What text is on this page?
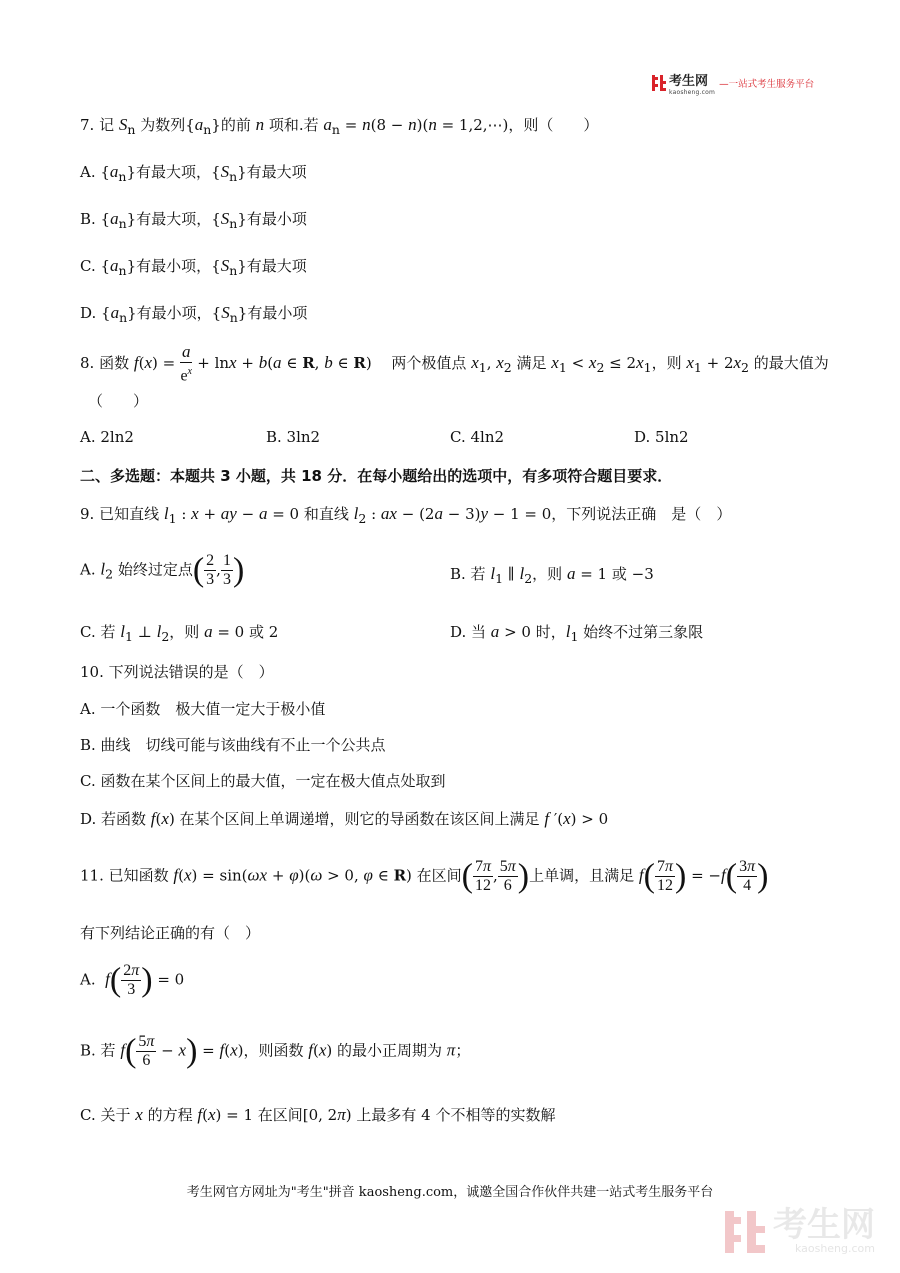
考生网
kaosheng.com
—一站式考生服务平台
7. 记 $S_n$ 为数列$\{a_n\}$的前 n 项和.若 $a_n = n(8 - n)(n$ = 1,2,⋯)，则（　　）
A. $\{a_n\}$有最大项，$\{S_n\}$有最大项
B. $\{a_n\}$有最大项，$\{S_n\}$有最小项
C. $\{a_n\}$有最小项，$\{S_n\}$有最大项
D. $\{a_n\}$有最小项，$\{S_n\}$有最小项
8. 函数 $f(x) = \frac{a}{e^x} + \ln x + b(a$ ∈ R, b ∈ R)　 两个极值点 $x_1$, $x_2$ 满足 $x_1 < x_2 \le 2x_1$，则 $x_1 + 2x_2$ 的最大值为
（　　）
A. 2ln2	B. 3ln2	C. 4ln2	D. 5ln2
二、多选题：本题共 3 小题，共 18 分．在每小题给出的选项中，有多项符合题目要求．
9. 已知直线 $l_1$ : x + ay − a = 0 和直线 $l_2$ : ax − (2a − 3)y − 1 = 0，下列说法正确　是（　）
A. $l_2$ 始终过定点( $\frac{2}{3}$ , $\frac{1}{3}$ )	B. 若 $l_1$ ∥ $l_2$，则 a = 1 或 −3
C. 若 $l_1$ ⊥ $l_2$，则 a = 0 或 2	D. 当 a > 0 时，$l_1$ 始终不过第三象限
10. 下列说法错误的是（　）
A. 一个函数　极大值一定大于极小值
B. 曲线　切线可能与该曲线有不止一个公共点
C. 函数在某个区间上的最大值，一定在极大值点处取到
D. 若函数 f(x) 在某个区间上单调递增，则它的导函数在该区间上满足 f ′(x) > 0
11. 已知函数 f(x) = sin(ωx + φ)(ω > 0, φ ∈ R) 在区间( $\frac{7\pi}{12}$ , $\frac{5\pi}{6}$ )上单调，且满足 $f( \frac{7\pi}{12}$ ) = $-f( \frac{3\pi}{4}$ )
有下列结论正确的有（　）
A.  $f( \frac{2\pi}{3}$ ) = 0
B. 若 $f( \frac{5\pi}{6} - x) = f(x)$，则函数 f(x) 的最小正周期为 π；
C. 关于 x 的方程 f(x) = 1 在区间[0, 2π) 上最多有 4 个不相等的实数解
考生网官方网址为"考生"拼音 kaosheng.com，诚邀全国合作伙伴共建一站式考生服务平台
考生网
kaosheng.com
